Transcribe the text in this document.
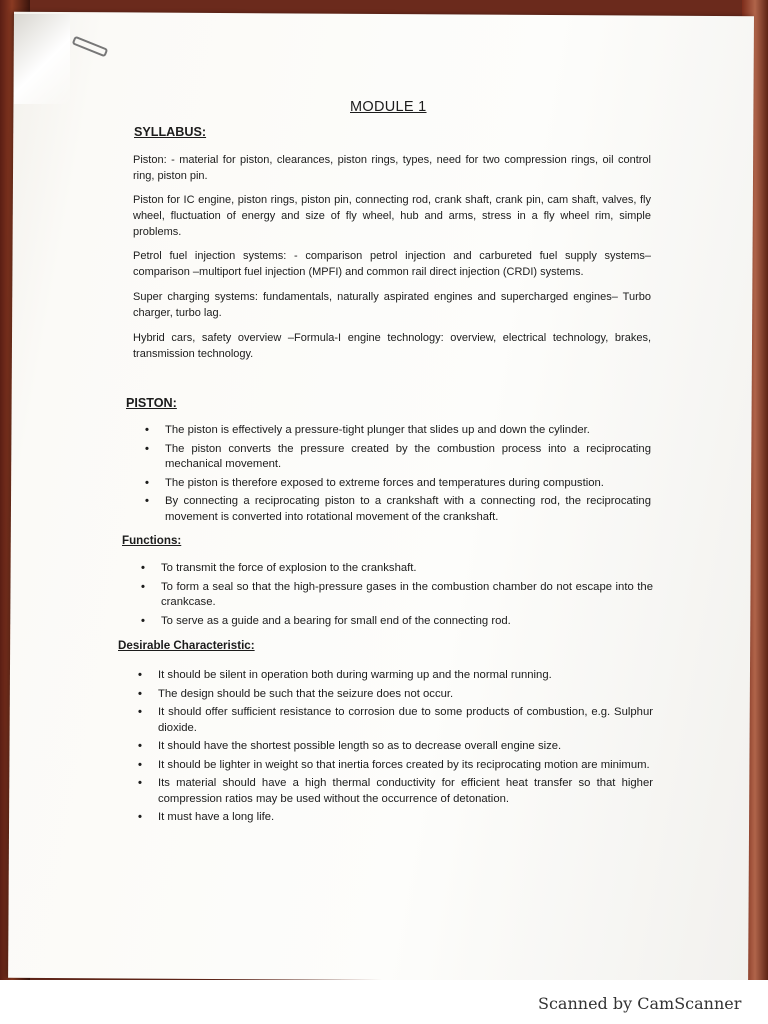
MODULE 1
SYLLABUS:
Piston: - material for piston, clearances, piston rings, types, need for two compression rings, oil control ring, piston pin.
Piston for IC engine, piston rings, piston pin, connecting rod, crank shaft, crank pin, cam shaft, valves, fly wheel, fluctuation of energy and size of fly wheel, hub and arms, stress in a fly wheel rim, simple problems.
Petrol fuel injection systems: - comparison petrol injection and carbureted fuel supply systems– comparison –multiport fuel injection (MPFI) and common rail direct injection (CRDI) systems.
Super charging systems: fundamentals, naturally aspirated engines and supercharged engines– Turbo charger, turbo lag.
Hybrid cars, safety overview –Formula-I engine technology: overview, electrical technology, brakes, transmission technology.
PISTON:
• The piston is effectively a pressure-tight plunger that slides up and down the cylinder.
• The piston converts the pressure created by the combustion process into a reciprocating mechanical movement.
• The piston is therefore exposed to extreme forces and temperatures during compustion.
• By connecting a reciprocating piston to a crankshaft with a connecting rod, the reciprocating movement is converted into rotational movement of the crankshaft.
Functions:
• To transmit the force of explosion to the crankshaft.
• To form a seal so that the high-pressure gases in the combustion chamber do not escape into the crankcase.
• To serve as a guide and a bearing for small end of the connecting rod.
Desirable Characteristic:
• It should be silent in operation both during warming up and the normal running.
• The design should be such that the seizure does not occur.
• It should offer sufficient resistance to corrosion due to some products of combustion, e.g. Sulphur dioxide.
• It should have the shortest possible length so as to decrease overall engine size.
• It should be lighter in weight so that inertia forces created by its reciprocating motion are minimum.
• Its material should have a high thermal conductivity for efficient heat transfer so that higher compression ratios may be used without the occurrence of detonation.
• It must have a long life.
Scanned by CamScanner
